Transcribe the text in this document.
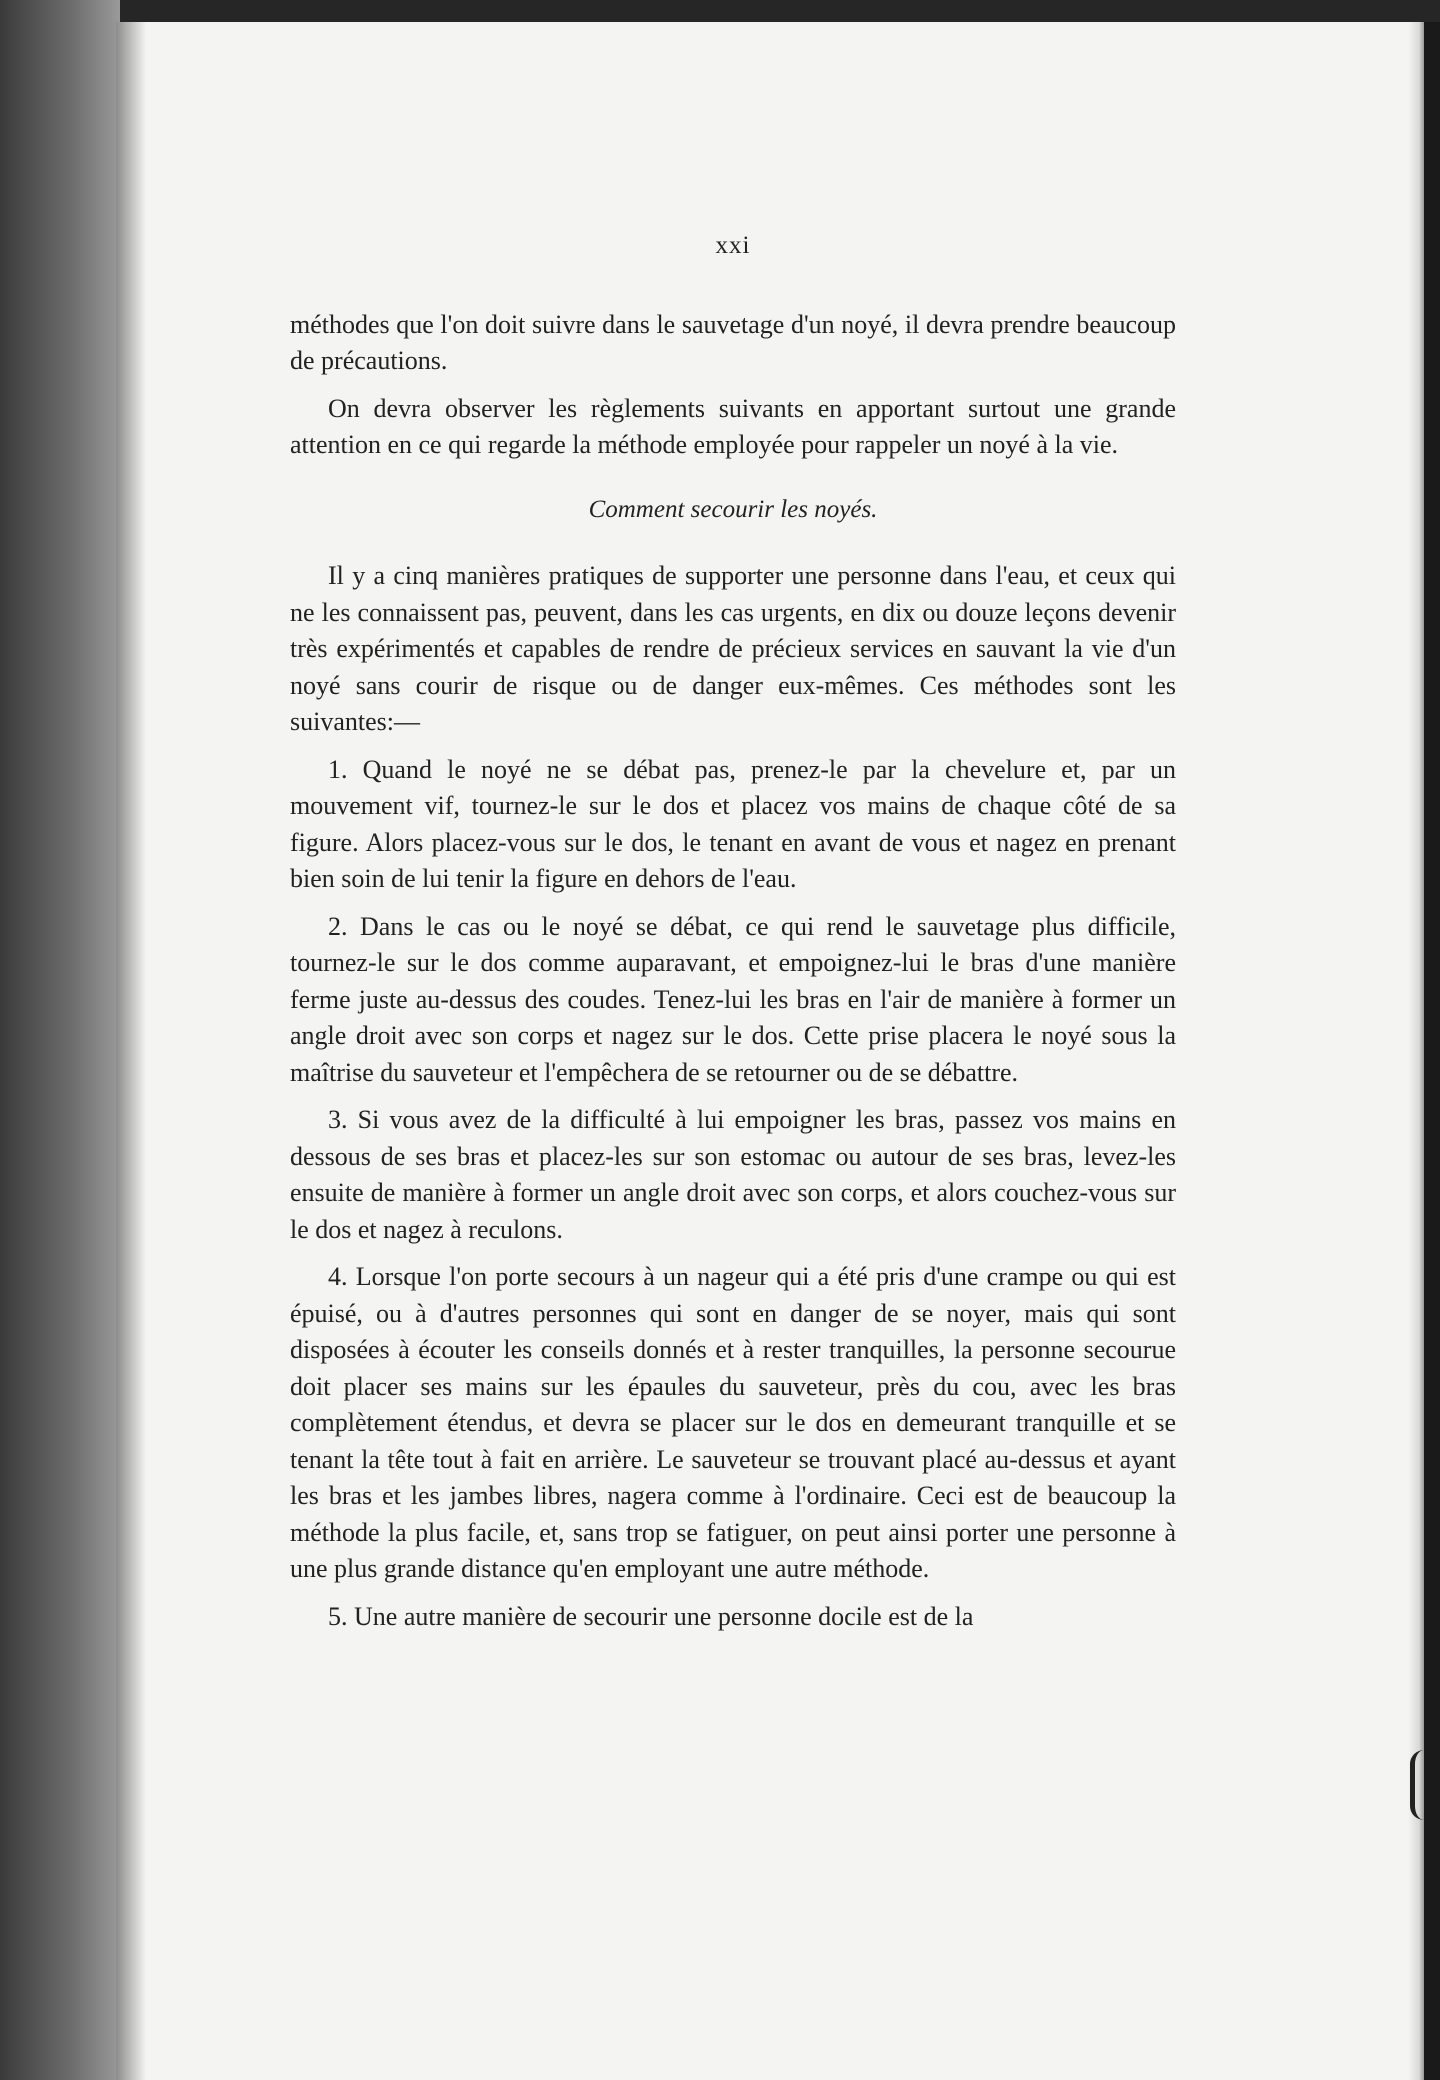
xxi

méthodes que l'on doit suivre dans le sauvetage d'un noyé, il devra prendre beaucoup de précautions.

On devra observer les règlements suivants en apportant surtout une grande attention en ce qui regarde la méthode employée pour rappeler un noyé à la vie.

Comment secourir les noyés.

Il y a cinq manières pratiques de supporter une personne dans l'eau, et ceux qui ne les connaissent pas, peuvent, dans les cas urgents, en dix ou douze leçons devenir très expérimentés et capables de rendre de précieux services en sauvant la vie d'un noyé sans courir de risque ou de danger eux-mêmes. Ces méthodes sont les suivantes:—

1. Quand le noyé ne se débat pas, prenez-le par la chevelure et, par un mouvement vif, tournez-le sur le dos et placez vos mains de chaque côté de sa figure. Alors placez-vous sur le dos, le tenant en avant de vous et nagez en prenant bien soin de lui tenir la figure en dehors de l'eau.

2. Dans le cas ou le noyé se débat, ce qui rend le sauvetage plus difficile, tournez-le sur le dos comme auparavant, et empoignez-lui le bras d'une manière ferme juste au-dessus des coudes. Tenez-lui les bras en l'air de manière à former un angle droit avec son corps et nagez sur le dos. Cette prise placera le noyé sous la maîtrise du sauveteur et l'empêchera de se retourner ou de se débattre.

3. Si vous avez de la difficulté à lui empoigner les bras, passez vos mains en dessous de ses bras et placez-les sur son estomac ou autour de ses bras, levez-les ensuite de manière à former un angle droit avec son corps, et alors couchez-vous sur le dos et nagez à reculons.

4. Lorsque l'on porte secours à un nageur qui a été pris d'une crampe ou qui est épuisé, ou à d'autres personnes qui sont en danger de se noyer, mais qui sont disposées à écouter les conseils donnés et à rester tranquilles, la personne secourue doit placer ses mains sur les épaules du sauveteur, près du cou, avec les bras complètement étendus, et devra se placer sur le dos en demeurant tranquille et se tenant la tête tout à fait en arrière. Le sauveteur se trouvant placé au-dessus et ayant les bras et les jambes libres, nagera comme à l'ordinaire. Ceci est de beaucoup la méthode la plus facile, et, sans trop se fatiguer, on peut ainsi porter une personne à une plus grande distance qu'en employant une autre méthode.

5. Une autre manière de secourir une personne docile est de la
